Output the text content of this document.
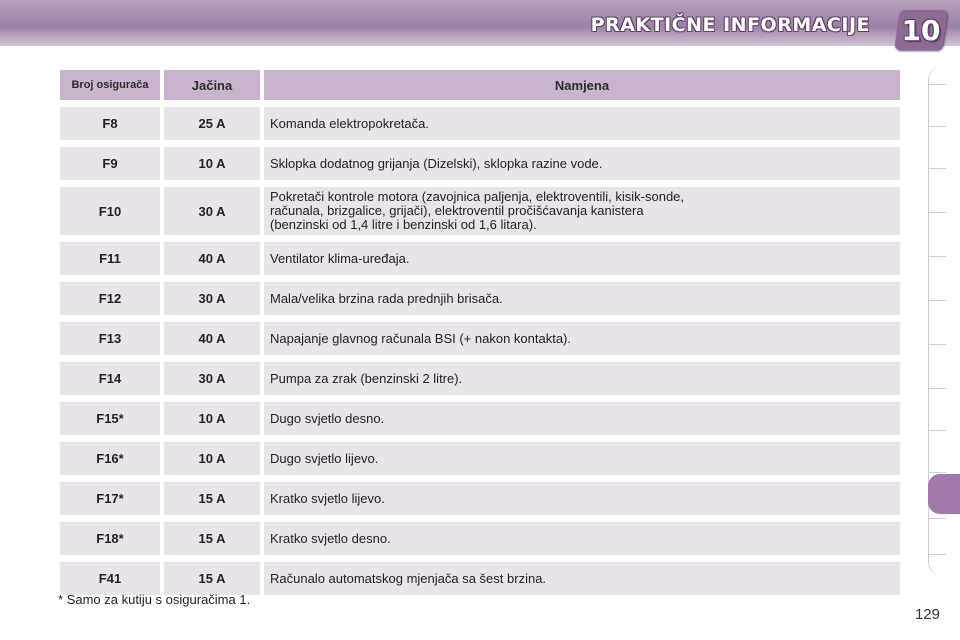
PRAKTIČNE INFORMACIJE 10
Broj osigurača	Jačina	Namjena
F8	25 A	Komanda elektropokretača.
F9	10 A	Sklopka dodatnog grijanja (Dizelski), sklopka razine vode.
F10	30 A	Pokretači kontrole motora (zavojnica paljenja, elektroventili, kisik-sonde,
računala, brizgalice, grijači), elektroventil pročišćavanja kanistera
(benzinski od 1,4 litre i benzinski od 1,6 litara).
F11	40 A	Ventilator klima-uređaja.
F12	30 A	Mala/velika brzina rada prednjih brisača.
F13	40 A	Napajanje glavnog računala BSI (+ nakon kontakta).
F14	30 A	Pumpa za zrak (benzinski 2 litre).
F15*	10 A	Dugo svjetlo desno.
F16*	10 A	Dugo svjetlo lijevo.
F17*	15 A	Kratko svjetlo lijevo.
F18*	15 A	Kratko svjetlo desno.
F41	15 A	Računalo automatskog mjenjača sa šest brzina.
* Samo za kutiju s osiguračima 1.
129
